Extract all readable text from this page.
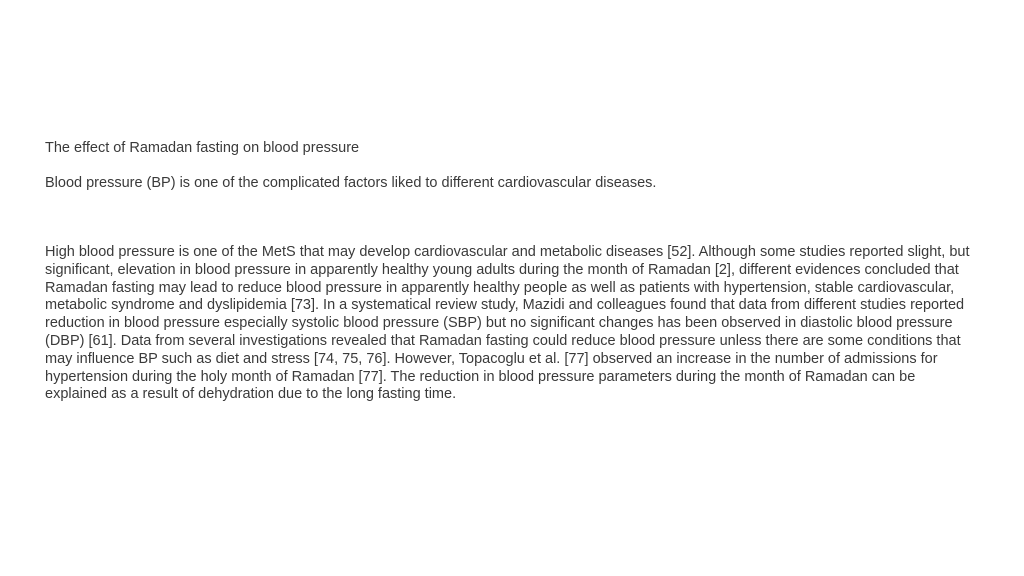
The effect of Ramadan fasting on blood pressure
Blood pressure (BP) is one of the complicated factors liked to different cardiovascular diseases.
High blood pressure is one of the MetS that may develop cardiovascular and metabolic diseases [52]. Although some studies reported slight, but significant, elevation in blood pressure in apparently healthy young adults during the month of Ramadan [2], different evidences concluded that Ramadan fasting may lead to reduce blood pressure in apparently healthy people as well as patients with hypertension, stable cardiovascular, metabolic syndrome and dyslipidemia [73]. In a systematical review study, Mazidi and colleagues found that data from different studies reported reduction in blood pressure especially systolic blood pressure (SBP) but no significant changes has been observed in diastolic blood pressure (DBP) [61]. Data from several investigations revealed that Ramadan fasting could reduce blood pressure unless there are some conditions that may influence BP such as diet and stress [74, 75, 76]. However, Topacoglu et al. [77] observed an increase in the number of admissions for hypertension during the holy month of Ramadan [77]. The reduction in blood pressure parameters during the month of Ramadan can be explained as a result of dehydration due to the long fasting time.
